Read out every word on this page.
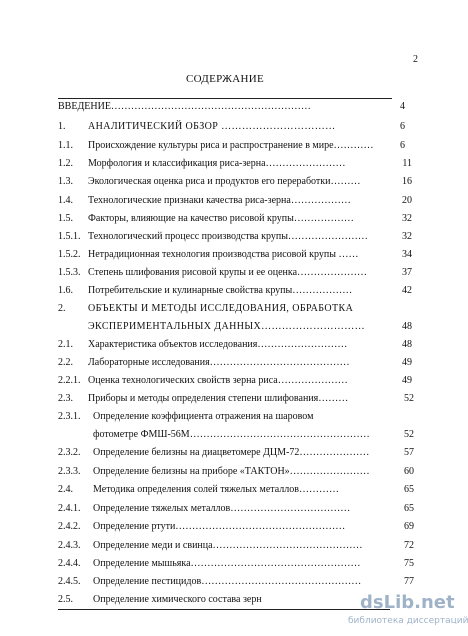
2
СОДЕРЖАНИЕ
ВВЕДЕНИЕ……………………………………………………	4
1. АНАЛИТИЧЕСКИЙ ОБЗОР ……………………………	6
1.1. Происхождение культуры риса и распространение в мире…………	6
1.2. Морфология и классификация риса-зерна……………………	11
1.3. Экологическая оценка риса и продуктов его переработки………	16
1.4. Технологические признаки качества риса-зерна………………	20
1.5. Факторы, влияющие на качество рисовой крупы………………	32
1.5.1. Технологический процесс производства крупы……………………	32
1.5.2. Нетрадиционная технология производства рисовой крупы ……	34
1.5.3. Степень шлифования рисовой крупы и ее оценка…………………	37
1.6. Потребительские и кулинарные свойства крупы………………	42
2. ОБЪЕКТЫ И МЕТОДЫ ИССЛЕДОВАНИЯ, ОБРАБОТКА
ЭКСПЕРИМЕНТАЛЬНЫХ ДАННЫХ…………………………	48
2.1. Характеристика объектов исследования………………………	48
2.2. Лабораторные исследования……………………………………	49
2.2.1. Оценка технологических свойств зерна риса…………………	49
2.3. Приборы и методы определения степени шлифования………	52
2.3.1. Определение коэффициента отражения на шаровом
фотометре ФМШ-56М………………………………………………	52
2.3.2. Определение белизны на диацветомере ДЦМ-72…………………	57
2.3.3. Определение белизны на приборе «ТАКТОН»……………………	60
2.4. Методика определения солей тяжелых металлов…………	65
2.4.1. Определение тяжелых металлов………………………………	65
2.4.2. Определение ртути……………………………………………	69
2.4.3. Определение меди и свинца………………………………………	72
2.4.4. Определение мышьяка……………………………………………	75
2.4.5. Определение пестицидов…………………………………………	77
2.5. Определение химического состава зерн	dsLib.net
библиотека диссертаций
